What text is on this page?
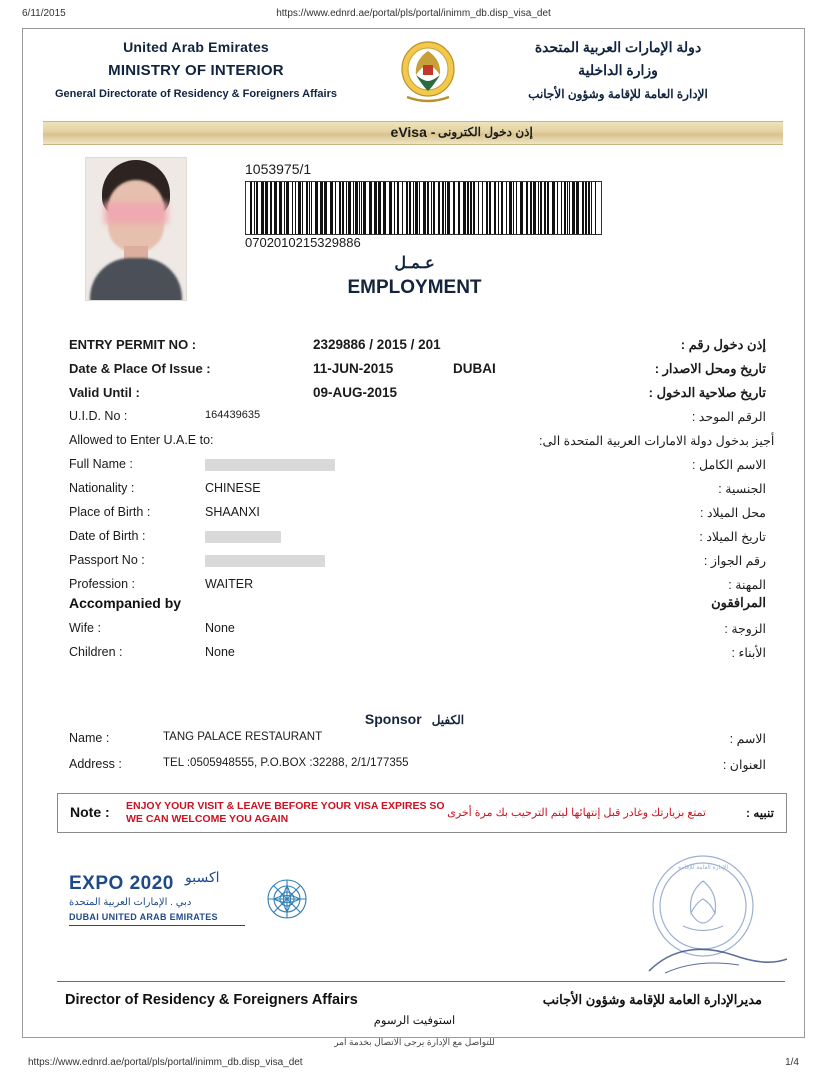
6/11/2015	https://www.ednrd.ae/portal/pls/portal/inimm_db.disp_visa_det
United Arab Emirates
MINISTRY OF INTERIOR
General Directorate of Residency & Foreigners Affairs
دولة الإمارات العربية المتحدة
وزارة الداخلية
الإدارة العامة للإقامة وشؤون الأجانب
eVisa - إذن دخول الكترونى
1053975/1
0702010215329886
عـمـل
EMPLOYMENT

ENTRY PERMIT NO :	2329886 / 2015 / 201	إذن دخول رقم :
Date & Place Of Issue :	11-JUN-2015	DUBAI	تاريخ ومحل الاصدار :
Valid Until :	09-AUG-2015	تاريخ صلاحية الدخول :
U.I.D. No :	164439635	الرقم الموحد :
Allowed to Enter U.A.E to:	أجيز بدخول دولة الامارات العربية المتحدة الى:
Full Name :	الاسم الكامل :
Nationality :	CHINESE	الجنسية :
Place of Birth :	SHAANXI	محل الميلاد :
Date of Birth :	تاريخ الميلاد :
Passport No :	رقم الجواز :
Profession :	WAITER	المهنة :
Accompanied by	المرافقون
Wife :	None	الزوجة :
Children :	None	الأبناء :
Sponsor الكفيل
Name :	TANG PALACE RESTAURANT	الاسم :
Address :	TEL :0505948555, P.O.BOX :32288, 2/1/177355	العنوان :
Note : ENJOY YOUR VISIT & LEAVE BEFORE YOUR VISA EXPIRES SO WE CAN WELCOME YOU AGAIN	تمتع بزيارتك وغادر قبل إنتهائها ليتم الترحيب بك مرة أخرى	تنبيه :
اكسبو
EXPO 2020
دبي . الإمارات العربية المتحدة
DUBAI UNITED ARAB EMIRATES
الإدارة العامة للإقامة
Director of Residency & Foreigners Affairs	مديرالإدارة العامة للإقامة وشؤون الأجانب
استوفيت الرسوم
للتواصل مع الإدارة يرجى الاتصال بخدمة امر
https://www.ednrd.ae/portal/pls/portal/inimm_db.disp_visa_det	1/4
